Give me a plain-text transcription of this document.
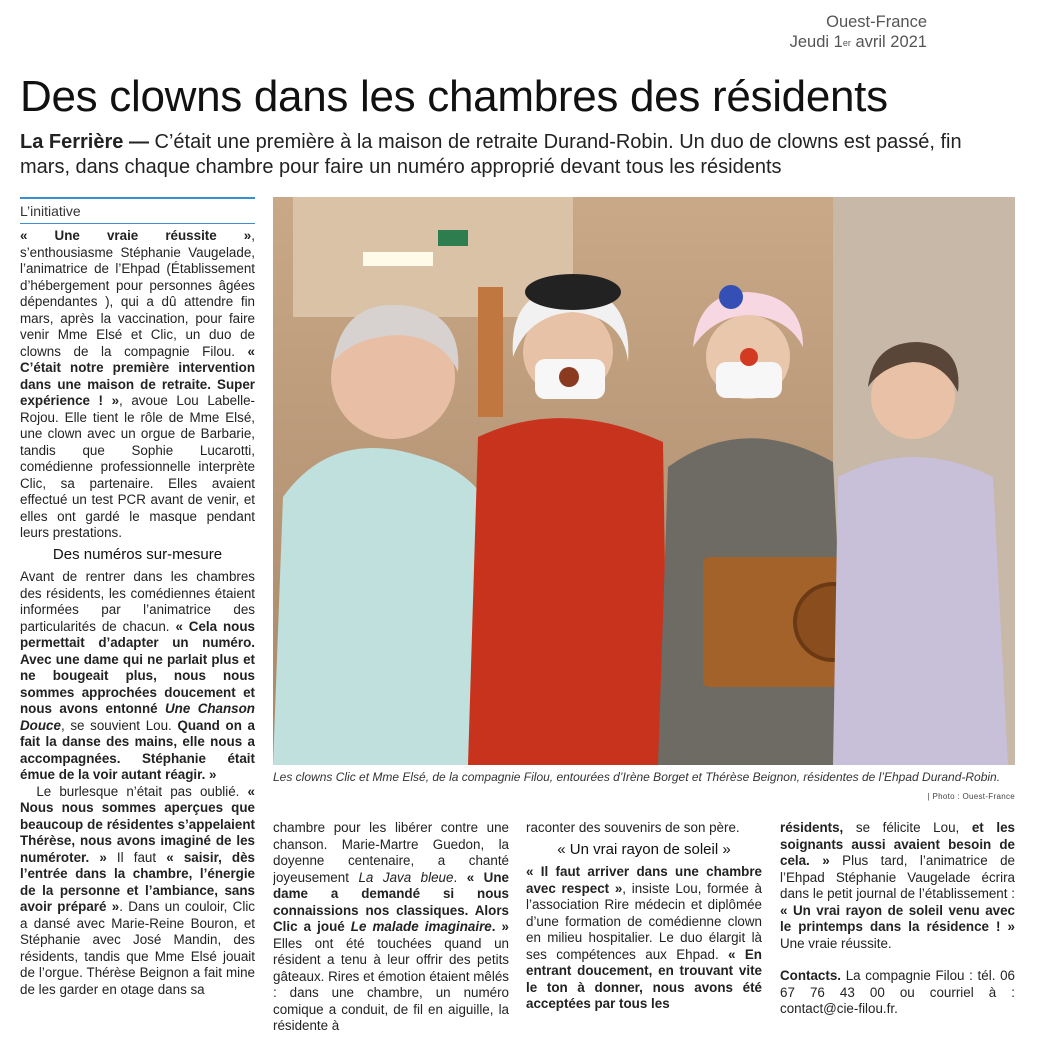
Ouest-France
Jeudi 1er avril 2021
Des clowns dans les chambres des résidents
La Ferrière — C’était une première à la maison de retraite Durand-Robin. Un duo de clowns est passé, fin mars, dans chaque chambre pour faire un numéro approprié devant tous les résidents
L’initiative

« Une vraie réussite », s’enthousiasme Stéphanie Vaugelade, l’animatrice de l’Ehpad (Établissement d’hébergement pour personnes âgées dépendantes ), qui a dû attendre fin mars, après la vaccination, pour faire venir Mme Elsé et Clic, un duo de clowns de la compagnie Filou. « C’était notre première intervention dans une maison de retraite. Super expérience ! », avoue Lou Labelle-Rojou. Elle tient le rôle de Mme Elsé, une clown avec un orgue de Barbarie, tandis que Sophie Lucarotti, comédienne professionnelle interprète Clic, sa partenaire. Elles avaient effectué un test PCR avant de venir, et elles ont gardé le masque pendant leurs prestations.

Des numéros sur-mesure

Avant de rentrer dans les chambres des résidents, les comédiennes étaient informées par l’animatrice des particularités de chacun. « Cela nous permettait d’adapter un numéro. Avec une dame qui ne parlait plus et ne bougeait plus, nous nous sommes approchées doucement et nous avons entonné Une Chanson Douce, se souvient Lou. Quand on a fait la danse des mains, elle nous a accompagnées. Stéphanie était émue de la voir autant réagir. »

Le burlesque n’était pas oublié. « Nous nous sommes aperçues que beaucoup de résidentes s’appelaient Thérèse, nous avons imaginé de les numéroter. » Il faut « saisir, dès l’entrée dans la chambre, l’énergie de la personne et l’ambiance, sans avoir préparé ». Dans un couloir, Clic a dansé avec Marie-Reine Bouron, et Stéphanie avec José Mandin, des résidents, tandis que Mme Elsé jouait de l’orgue. Thérèse Beignon a fait mine de les garder en otage dans sa

Les clowns Clic et Mme Elsé, de la compagnie Filou, entourées d’Irène Borget et Thérèse Beignon, résidentes de l’Ehpad Durand-Robin.
| Photo : Ouest-France

chambre pour les libérer contre une chanson. Marie-Martre Guedon, la doyenne centenaire, a chanté joyeusement La Java bleue. « Une dame a demandé si nous connaissions nos classiques. Alors Clic a joué Le malade imaginaire. » Elles ont été touchées quand un résident a tenu à leur offrir des petits gâteaux. Rires et émotion étaient mêlés : dans une chambre, un numéro comique a conduit, de fil en aiguille, la résidente à

raconter des souvenirs de son père.

« Un vrai rayon de soleil »

« Il faut arriver dans une chambre avec respect », insiste Lou, formée à l’association Rire médecin et diplômée d’une formation de comédienne clown en milieu hospitalier. Le duo élargit là ses compétences aux Ehpad. « En entrant doucement, en trouvant vite le ton à donner, nous avons été acceptées par tous les

résidents, se félicite Lou, et les soignants aussi avaient besoin de cela. » Plus tard, l’animatrice de l’Ehpad Stéphanie Vaugelade écrira dans le petit journal de l’établissement : « Un vrai rayon de soleil venu avec le printemps dans la résidence ! » Une vraie réussite.

Contacts. La compagnie Filou : tél. 06 67 76 43 00 ou courriel à : contact@cie-filou.fr.
